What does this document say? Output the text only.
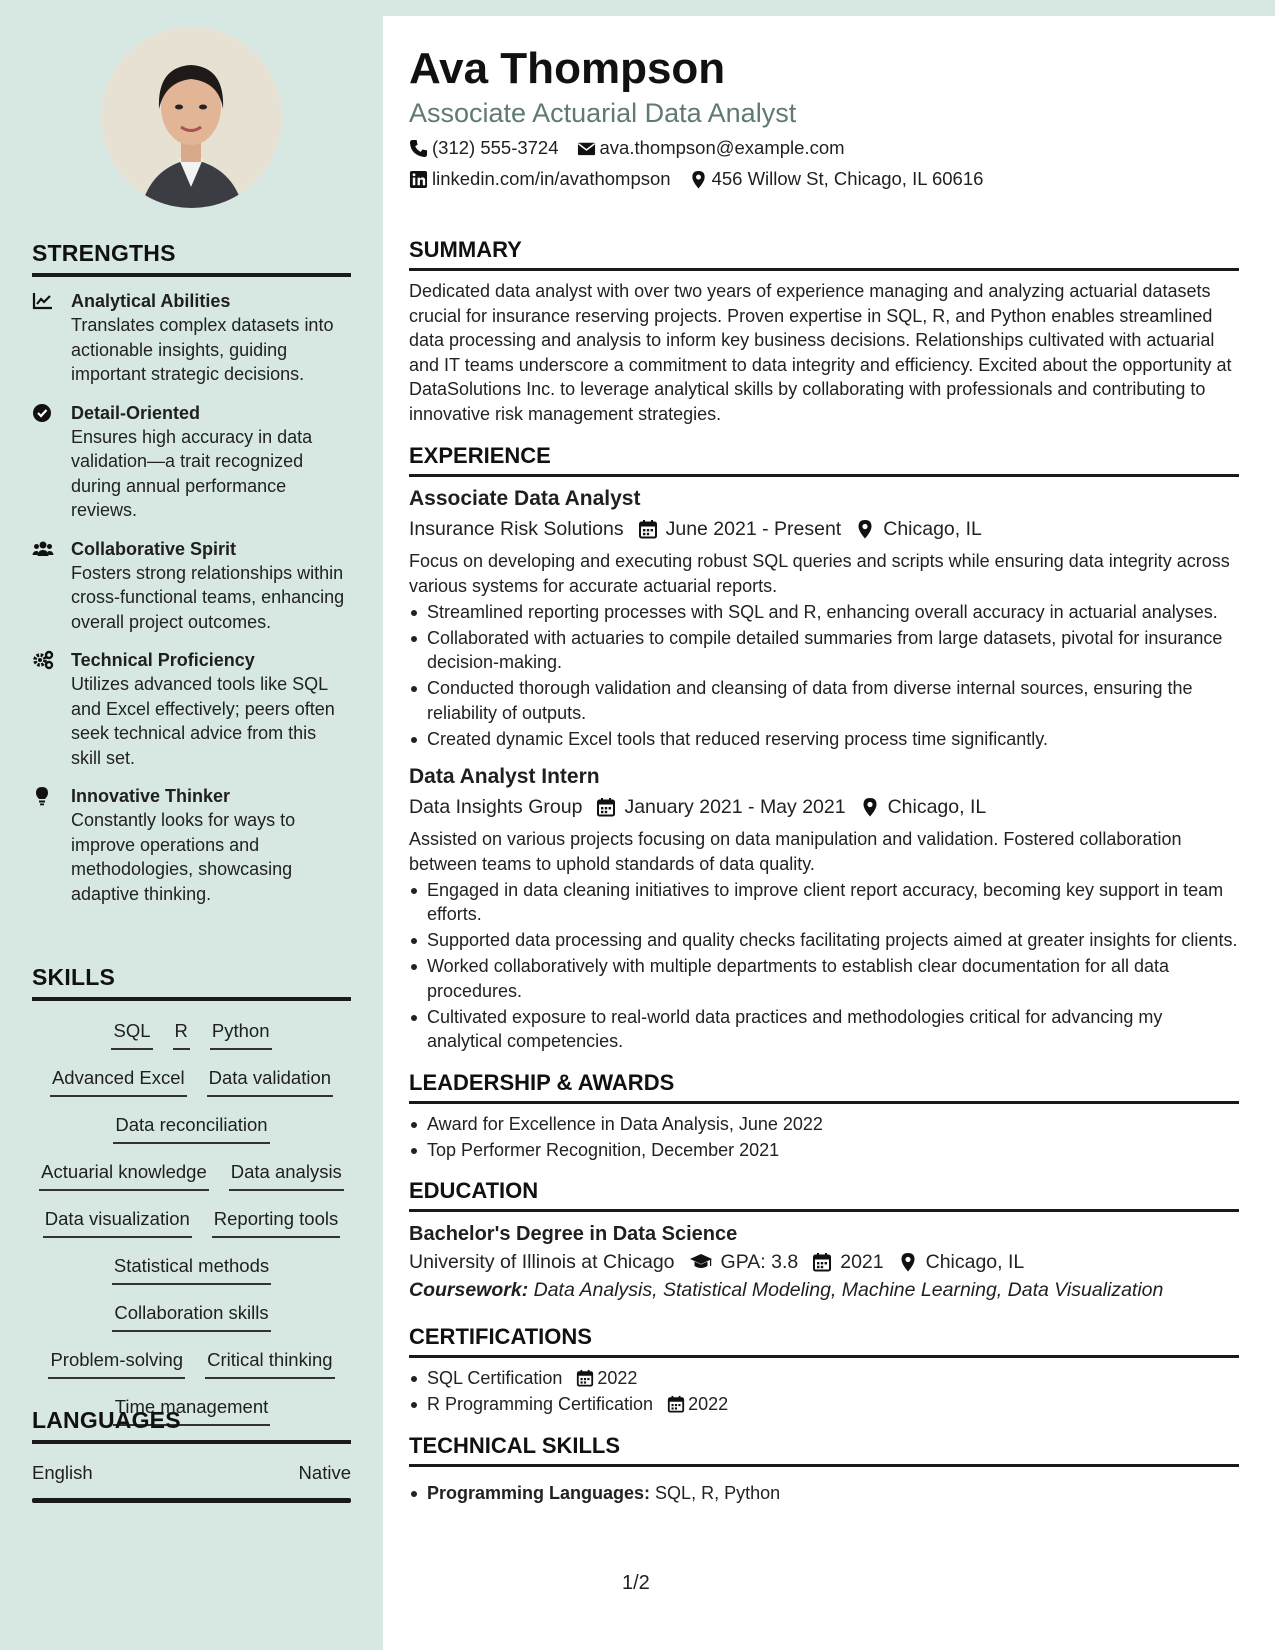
STRENGTHS
Analytical Abilities
Translates complex datasets into actionable insights, guiding important strategic decisions.
Detail-Oriented
Ensures high accuracy in data validation—a trait recognized during annual performance reviews.
Collaborative Spirit
Fosters strong relationships within cross-functional teams, enhancing overall project outcomes.
Technical Proficiency
Utilizes advanced tools like SQL and Excel effectively; peers often seek technical advice from this skill set.
Innovative Thinker
Constantly looks for ways to improve operations and methodologies, showcasing adaptive thinking.
SKILLS
SQL R Python
Advanced Excel Data validation
Data reconciliation
Actuarial knowledge Data analysis
Data visualization Reporting tools
Statistical methods
Collaboration skills
Problem-solving Critical thinking
Time management
LANGUAGES
English	Native
Ava Thompson
Associate Actuarial Data Analyst
(312) 555-3724 ava.thompson@example.com
linkedin.com/in/avathompson 456 Willow St, Chicago, IL 60616
SUMMARY
Dedicated data analyst with over two years of experience managing and analyzing actuarial datasets crucial for insurance reserving projects. Proven expertise in SQL, R, and Python enables streamlined data processing and analysis to inform key business decisions. Relationships cultivated with actuarial and IT teams underscore a commitment to data integrity and efficiency. Excited about the opportunity at DataSolutions Inc. to leverage analytical skills by collaborating with professionals and contributing to innovative risk management strategies.
EXPERIENCE
Associate Data Analyst
Insurance Risk Solutions June 2021 - Present Chicago, IL
Focus on developing and executing robust SQL queries and scripts while ensuring data integrity across various systems for accurate actuarial reports.
Streamlined reporting processes with SQL and R, enhancing overall accuracy in actuarial analyses.
Collaborated with actuaries to compile detailed summaries from large datasets, pivotal for insurance decision-making.
Conducted thorough validation and cleansing of data from diverse internal sources, ensuring the reliability of outputs.
Created dynamic Excel tools that reduced reserving process time significantly.
Data Analyst Intern
Data Insights Group January 2021 - May 2021 Chicago, IL
Assisted on various projects focusing on data manipulation and validation. Fostered collaboration between teams to uphold standards of data quality.
Engaged in data cleaning initiatives to improve client report accuracy, becoming key support in team efforts.
Supported data processing and quality checks facilitating projects aimed at greater insights for clients.
Worked collaboratively with multiple departments to establish clear documentation for all data procedures.
Cultivated exposure to real-world data practices and methodologies critical for advancing my analytical competencies.
LEADERSHIP & AWARDS
Award for Excellence in Data Analysis, June 2022
Top Performer Recognition, December 2021
EDUCATION
Bachelor's Degree in Data Science
University of Illinois at Chicago GPA: 3.8 2021 Chicago, IL
Coursework: Data Analysis, Statistical Modeling, Machine Learning, Data Visualization
CERTIFICATIONS
SQL Certification 2022
R Programming Certification 2022
TECHNICAL SKILLS
Programming Languages: SQL, R, Python
1/2
